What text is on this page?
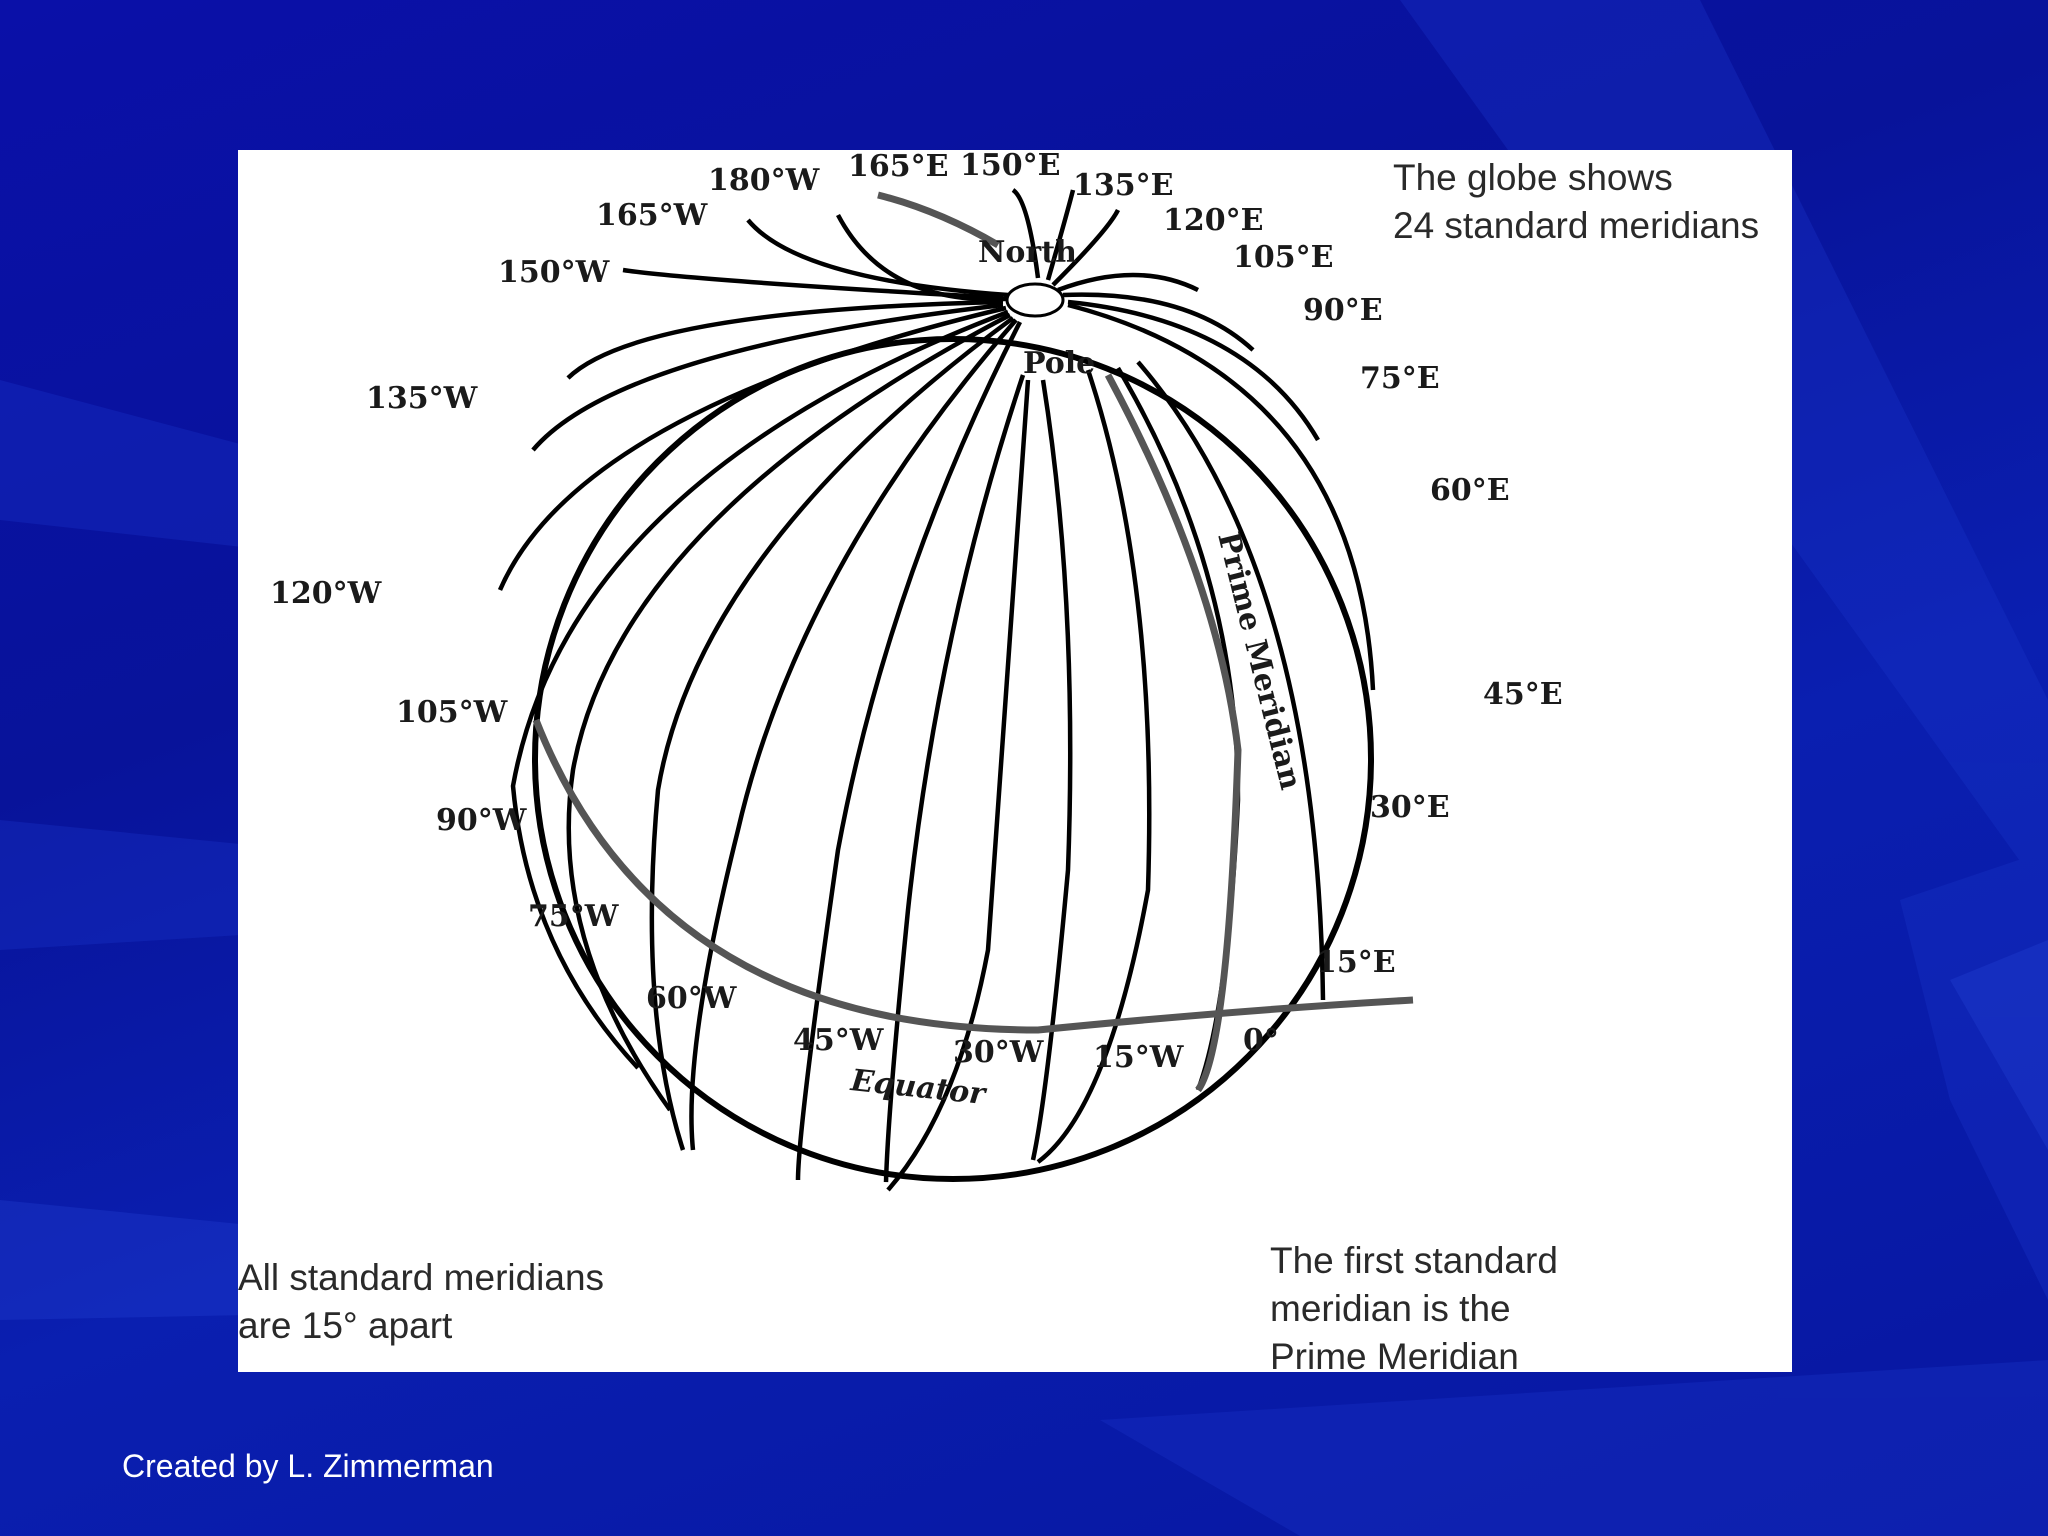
180°W
165°W
150°W
135°W
120°W
105°W
90°W
75°W
60°W
45°W 30°W 15°W 0°
165°E 150°E
135°E
120°E
105°E
90°E
75°E
60°E
45°E
30°E
15°E
North
Pole
Equator
Prime Meridian
The globe shows
24 standard meridians
All standard meridians
are 15° apart
The first standard
meridian is the
Prime Meridian
Created by L. Zimmerman
